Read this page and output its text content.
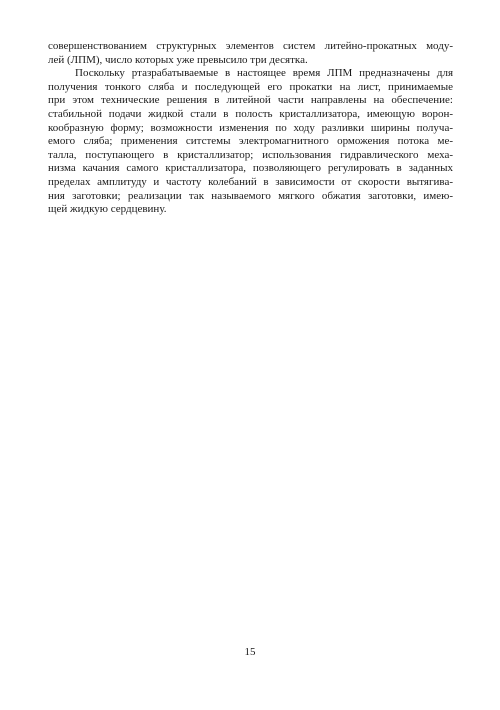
совершенствованием структурных элементов систем литейно-прокатных моду-
лей (ЛПМ), число которых уже превысило три десятка.
Поскольку ртазрабатываемые в настоящее время ЛПМ предназначены для
получения тонкого сляба и последующей его прокатки на лист, принимаемые
при этом технические решения в литейной части направлены на обеспечение:
стабильной подачи жидкой стали в полость кристаллизатора, имеющую ворон-
кообразную форму; возможности изменения по ходу разливки ширины получа-
емого сляба; применения ситстемы электромагнитного орможения потока ме-
талла, поступающего в кристаллизатор; использования гидравлического меха-
низма качания самого кристаллизатора, позволяющего регулировать в заданных
пределах амплитуду и частоту колебаний в зависимости от скорости вытягива-
ния заготовки; реализации так называемого мягкого обжатия заготовки, имею-
щей жидкую сердцевину.
15
